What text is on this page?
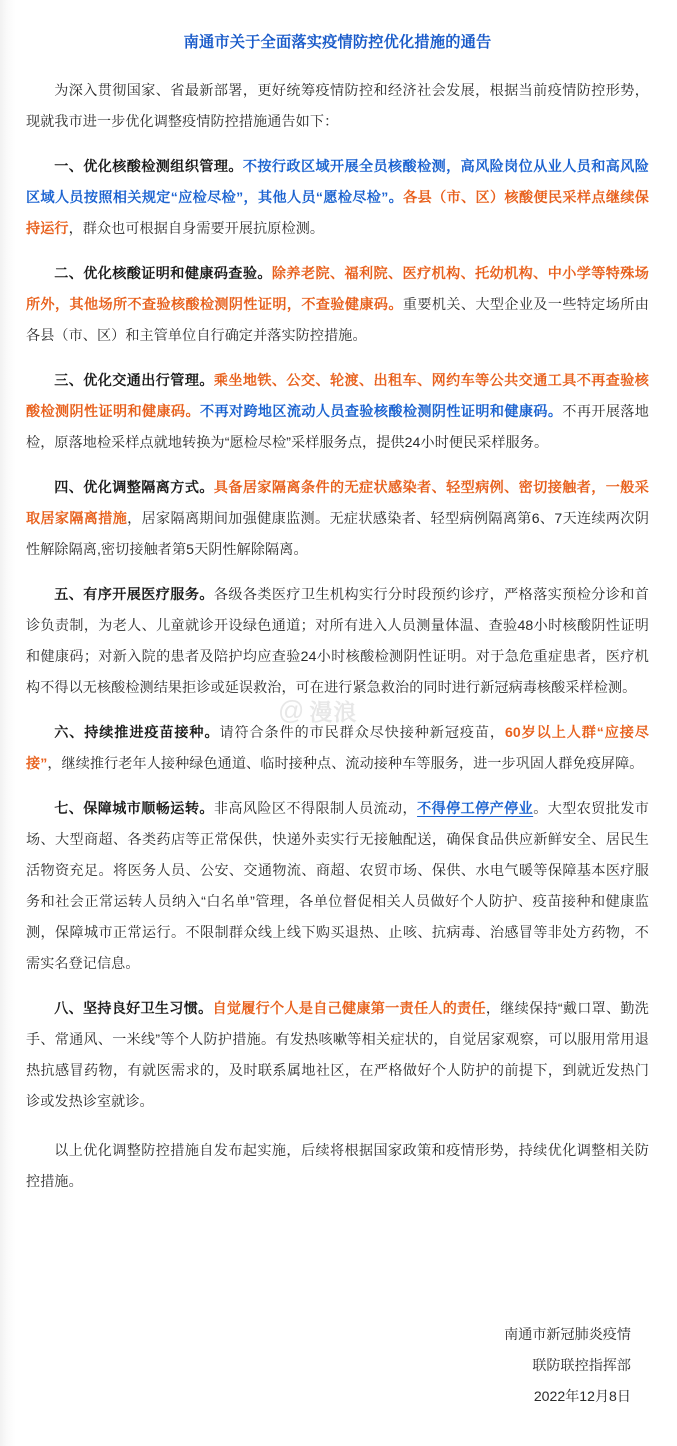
南通市关于全面落实疫情防控优化措施的通告

为深入贯彻国家、省最新部署，更好统筹疫情防控和经济社会发展，根据当前疫情防控形势，现就我市进一步优化调整疫情防控措施通告如下：

一、优化核酸检测组织管理。不按行政区域开展全员核酸检测，高风险岗位从业人员和高风险区域人员按照相关规定“应检尽检”，其他人员“愿检尽检”。各县（市、区）核酸便民采样点继续保持运行，群众也可根据自身需要开展抗原检测。

二、优化核酸证明和健康码查验。除养老院、福利院、医疗机构、托幼机构、中小学等特殊场所外，其他场所不查验核酸检测阴性证明，不查验健康码。重要机关、大型企业及一些特定场所由各县（市、区）和主管单位自行确定并落实防控措施。

三、优化交通出行管理。乘坐地铁、公交、轮渡、出租车、网约车等公共交通工具不再查验核酸检测阴性证明和健康码。不再对跨地区流动人员查验核酸检测阴性证明和健康码。不再开展落地检，原落地检采样点就地转换为“愿检尽检”采样服务点，提供24小时便民采样服务。

四、优化调整隔离方式。具备居家隔离条件的无症状感染者、轻型病例、密切接触者，一般采取居家隔离措施，居家隔离期间加强健康监测。无症状感染者、轻型病例隔离第6、7天连续两次阴性解除隔离,密切接触者第5天阴性解除隔离。

五、有序开展医疗服务。各级各类医疗卫生机构实行分时段预约诊疗，严格落实预检分诊和首诊负责制，为老人、儿童就诊开设绿色通道；对所有进入人员测量体温、查验48小时核酸阴性证明和健康码；对新入院的患者及陪护均应查验24小时核酸检测阴性证明。对于急危重症患者，医疗机构不得以无核酸检测结果拒诊或延误救治，可在进行紧急救治的同时进行新冠病毒核酸采样检测。

六、持续推进疫苗接种。请符合条件的市民群众尽快接种新冠疫苗，60岁以上人群“应接尽接”，继续推行老年人接种绿色通道、临时接种点、流动接种车等服务，进一步巩固人群免疫屏障。

七、保障城市顺畅运转。非高风险区不得限制人员流动，不得停工停产停业。大型农贸批发市场、大型商超、各类药店等正常保供，快递外卖实行无接触配送，确保食品供应新鲜安全、居民生活物资充足。将医务人员、公安、交通物流、商超、农贸市场、保供、水电气暖等保障基本医疗服务和社会正常运转人员纳入“白名单”管理，各单位督促相关人员做好个人防护、疫苗接种和健康监测，保障城市正常运行。不限制群众线上线下购买退热、止咳、抗病毒、治感冒等非处方药物，不需实名登记信息。

八、坚持良好卫生习惯。自觉履行个人是自己健康第一责任人的责任，继续保持“戴口罩、勤洗手、常通风、一米线”等个人防护措施。有发热咳嗽等相关症状的，自觉居家观察，可以服用常用退热抗感冒药物，有就医需求的，及时联系属地社区，在严格做好个人防护的前提下，到就近发热门诊或发热诊室就诊。

以上优化调整防控措施自发布起实施，后续将根据国家政策和疫情形势，持续优化调整相关防控措施。

南通市新冠肺炎疫情
联防联控指挥部
2022年12月8日
@ 漫浪
